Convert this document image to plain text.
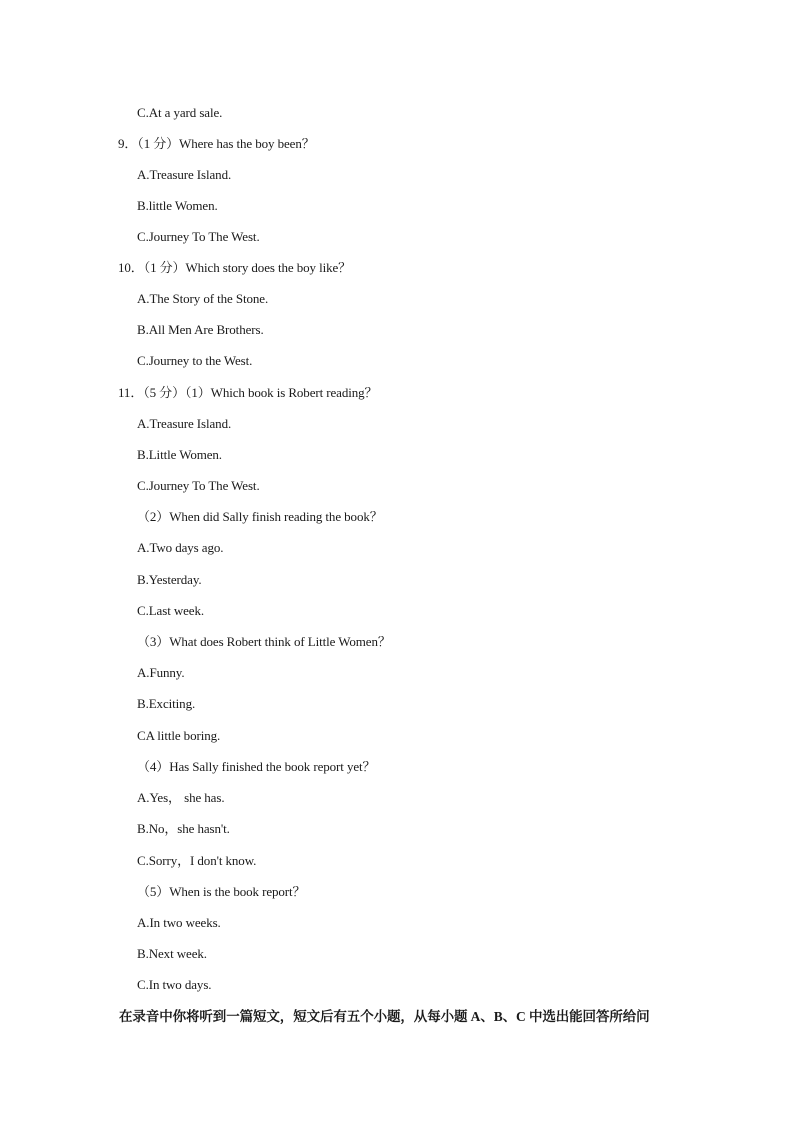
C.At a yard sale.
9．（1 分）Where has the boy been？
A.Treasure Island.
B.little Women.
C.Journey To The West.
10．（1 分）Which story does the boy like？
A.The Story of the Stone.
B.All Men Are Brothers.
C.Journey to the West.
11．（5 分）（1）Which book is Robert reading？
A.Treasure Island.
B.Little Women.
C.Journey To The West.
（2）When did Sally finish reading the book？
A.Two days ago.
B.Yesterday.
C.Last week.
（3）What does Robert think of Little Women？
A.Funny.
B.Exciting.
CA little boring.
（4）Has Sally finished the book report yet？
A.Yes， she has.
B.No，she hasn't.
C.Sorry，I don't know.
（5）When is the book report？
A.In two weeks.
B.Next week.
C.In two days.
在录音中你将听到一篇短文，短文后有五个小题，从每小题 A、B、C 中选出能回答所给问
